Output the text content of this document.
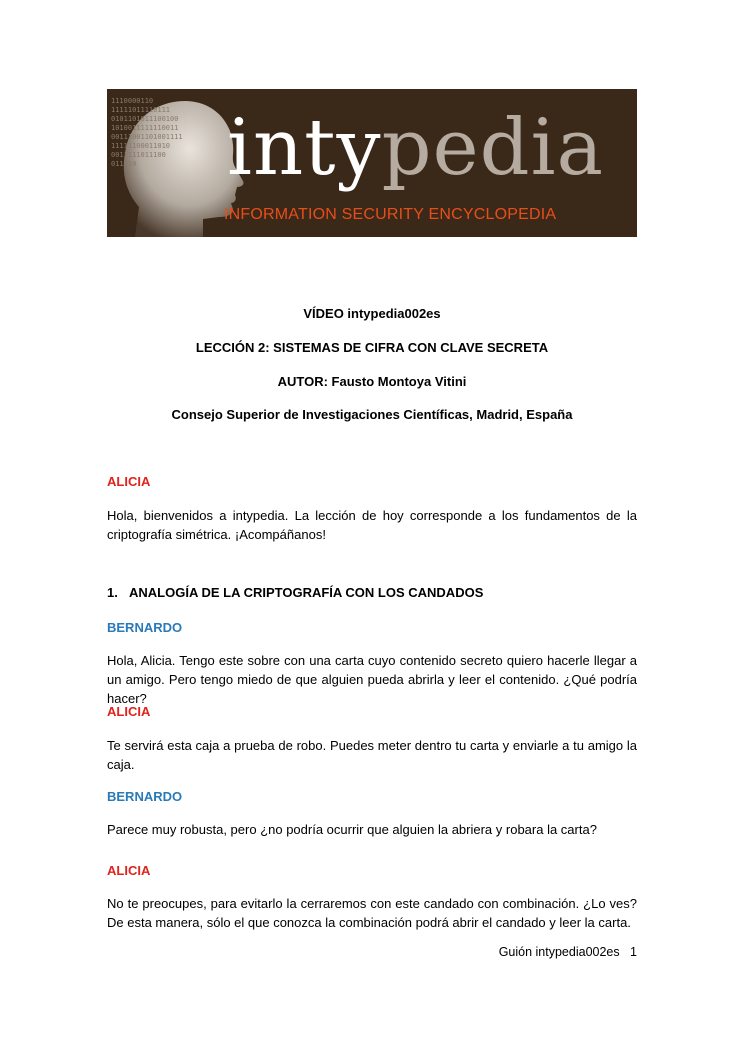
1110000110
11111011110111
0101101011100100
1010011111110011
00111001101001111
11111100011010
0011111011100
011010	intypedia
INFORMATION SECURITY ENCYCLOPEDIA
VÍDEO intypedia002es
LECCIÓN 2: SISTEMAS DE CIFRA CON CLAVE SECRETA
AUTOR: Fausto Montoya Vitini
Consejo Superior de Investigaciones Científicas, Madrid, España
ALICIA
Hola, bienvenidos a intypedia. La lección de hoy corresponde a los fundamentos de la criptografía simétrica. ¡Acompáñanos!
1. ANALOGÍA DE LA CRIPTOGRAFÍA CON LOS CANDADOS
BERNARDO
Hola, Alicia. Tengo este sobre con una carta cuyo contenido secreto quiero hacerle llegar a un amigo. Pero tengo miedo de que alguien pueda abrirla y leer el contenido. ¿Qué podría hacer?
ALICIA
Te servirá esta caja a prueba de robo. Puedes meter dentro tu carta y enviarle a tu amigo la caja.
BERNARDO
Parece muy robusta, pero ¿no podría ocurrir que alguien la abriera y robara la carta?
ALICIA
No te preocupes, para evitarlo la cerraremos con este candado con combinación. ¿Lo ves? De esta manera, sólo el que conozca la combinación podrá abrir el candado y leer la carta.
Guión intypedia002es   1
